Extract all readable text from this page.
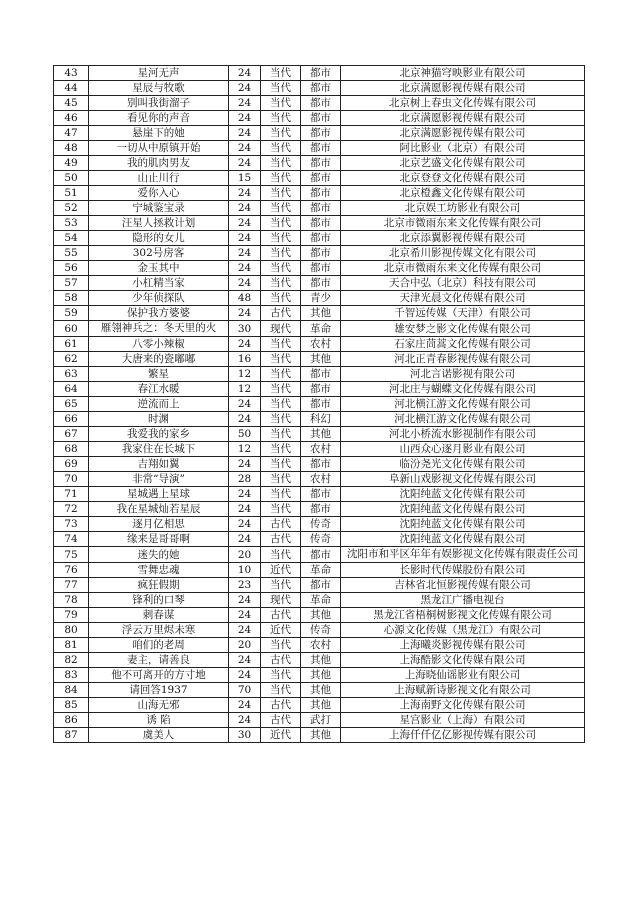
43	星河无声	24	当代	都市	北京神猫穹映影业有限公司
44	星辰与牧歌	24	当代	都市	北京满愿影视传媒有限公司
45	别叫我街溜子	24	当代	都市	北京树上春虫文化传媒有限公司
46	看见你的声音	24	当代	都市	北京满愿影视传媒有限公司
47	悬崖下的她	24	当代	都市	北京满愿影视传媒有限公司
48	一切从中原镇开始	24	当代	都市	阿比影业（北京）有限公司
49	我的肌肉男友	24	当代	都市	北京艺盛文化传媒有限公司
50	山止川行	15	当代	都市	北京登登文化传媒有限公司
51	爱你入心	24	当代	都市	北京橙鑫文化传媒有限公司
52	宁城鉴宝录	24	当代	都市	北京娱工坊影业有限公司
53	汪星人拯救计划	24	当代	都市	北京市微雨东来文化传媒有限公司
54	隐形的女儿	24	当代	都市	北京添翼影视传媒有限公司
55	302号房客	24	当代	都市	北京希川影视传媒文化有限公司
56	金玉其中	24	当代	都市	北京市微雨东来文化传媒有限公司
57	小杠精当家	24	当代	都市	天合中弘（北京）科技有限公司
58	少年侦探队	48	当代	青少	天津光晨文化传媒有限公司
59	保护我方婆婆	24	古代	其他	千智远传媒（天津）有限公司
60	雁翎神兵之：冬天里的火	30	现代	革命	雄安梦之影文化传媒有限公司
61	八零小辣椒	24	当代	农村	石家庄茼蒿文化传媒有限公司
62	大唐来的瓷嘟嘟	16	当代	其他	河北正青春影视传媒有限公司
63	繁星	12	当代	都市	河北言诺影视有限公司
64	春江水暖	12	当代	都市	河北庄与蝴蝶文化传媒有限公司
65	逆流而上	24	当代	都市	河北横江游文化传媒有限公司
66	时渊	24	当代	科幻	河北横江游文化传媒有限公司
67	我爱我的家乡	50	当代	其他	河北小桥流水影视制作有限公司
68	我家住在长城下	12	当代	农村	山西众心逐月影业有限公司
69	吉翔如翼	24	当代	都市	临汾尧光文化传媒有限公司
70	非常“导演”	28	当代	农村	阜新山戏影视文化传媒有限公司
71	星城遇上星球	24	当代	都市	沈阳纯蓝文化传媒有限公司
72	我在星城灿若星辰	24	当代	都市	沈阳纯蓝文化传媒有限公司
73	逐月亿相思	24	古代	传奇	沈阳纯蓝文化传媒有限公司
74	缘来是哥哥啊	24	古代	传奇	沈阳纯蓝文化传媒有限公司
75	迷失的她	20	当代	都市	沈阳市和平区年年有娱影视文化传媒有限责任公司
76	雪舞忠魂	10	近代	革命	长影时代传媒股份有限公司
77	疯狂假期	23	当代	都市	吉林省北恒影视传媒有限公司
78	锋利的口琴	24	现代	革命	黑龙江广播电视台
79	刺春谋	24	古代	其他	黑龙江省梧桐树影视文化传媒有限公司
80	浮云万里烬未寒	24	近代	传奇	心源文化传媒（黑龙江）有限公司
81	咱们的老周	20	当代	农村	上海曦炎影视传媒有限公司
82	妻主，请善良	24	古代	其他	上海酷影文化传媒有限公司
83	他不可离开的方寸地	24	当代	其他	上海晓仙谣影业有限公司
84	请回答1937	70	当代	其他	上海赋新诗影视文化有限公司
85	山海无邪	24	古代	其他	上海南野文化传媒有限公司
86	诱 陷	24	古代	武打	星宫影业（上海）有限公司
87	虞美人	30	近代	其他	上海仟仟亿亿影视传媒有限公司
